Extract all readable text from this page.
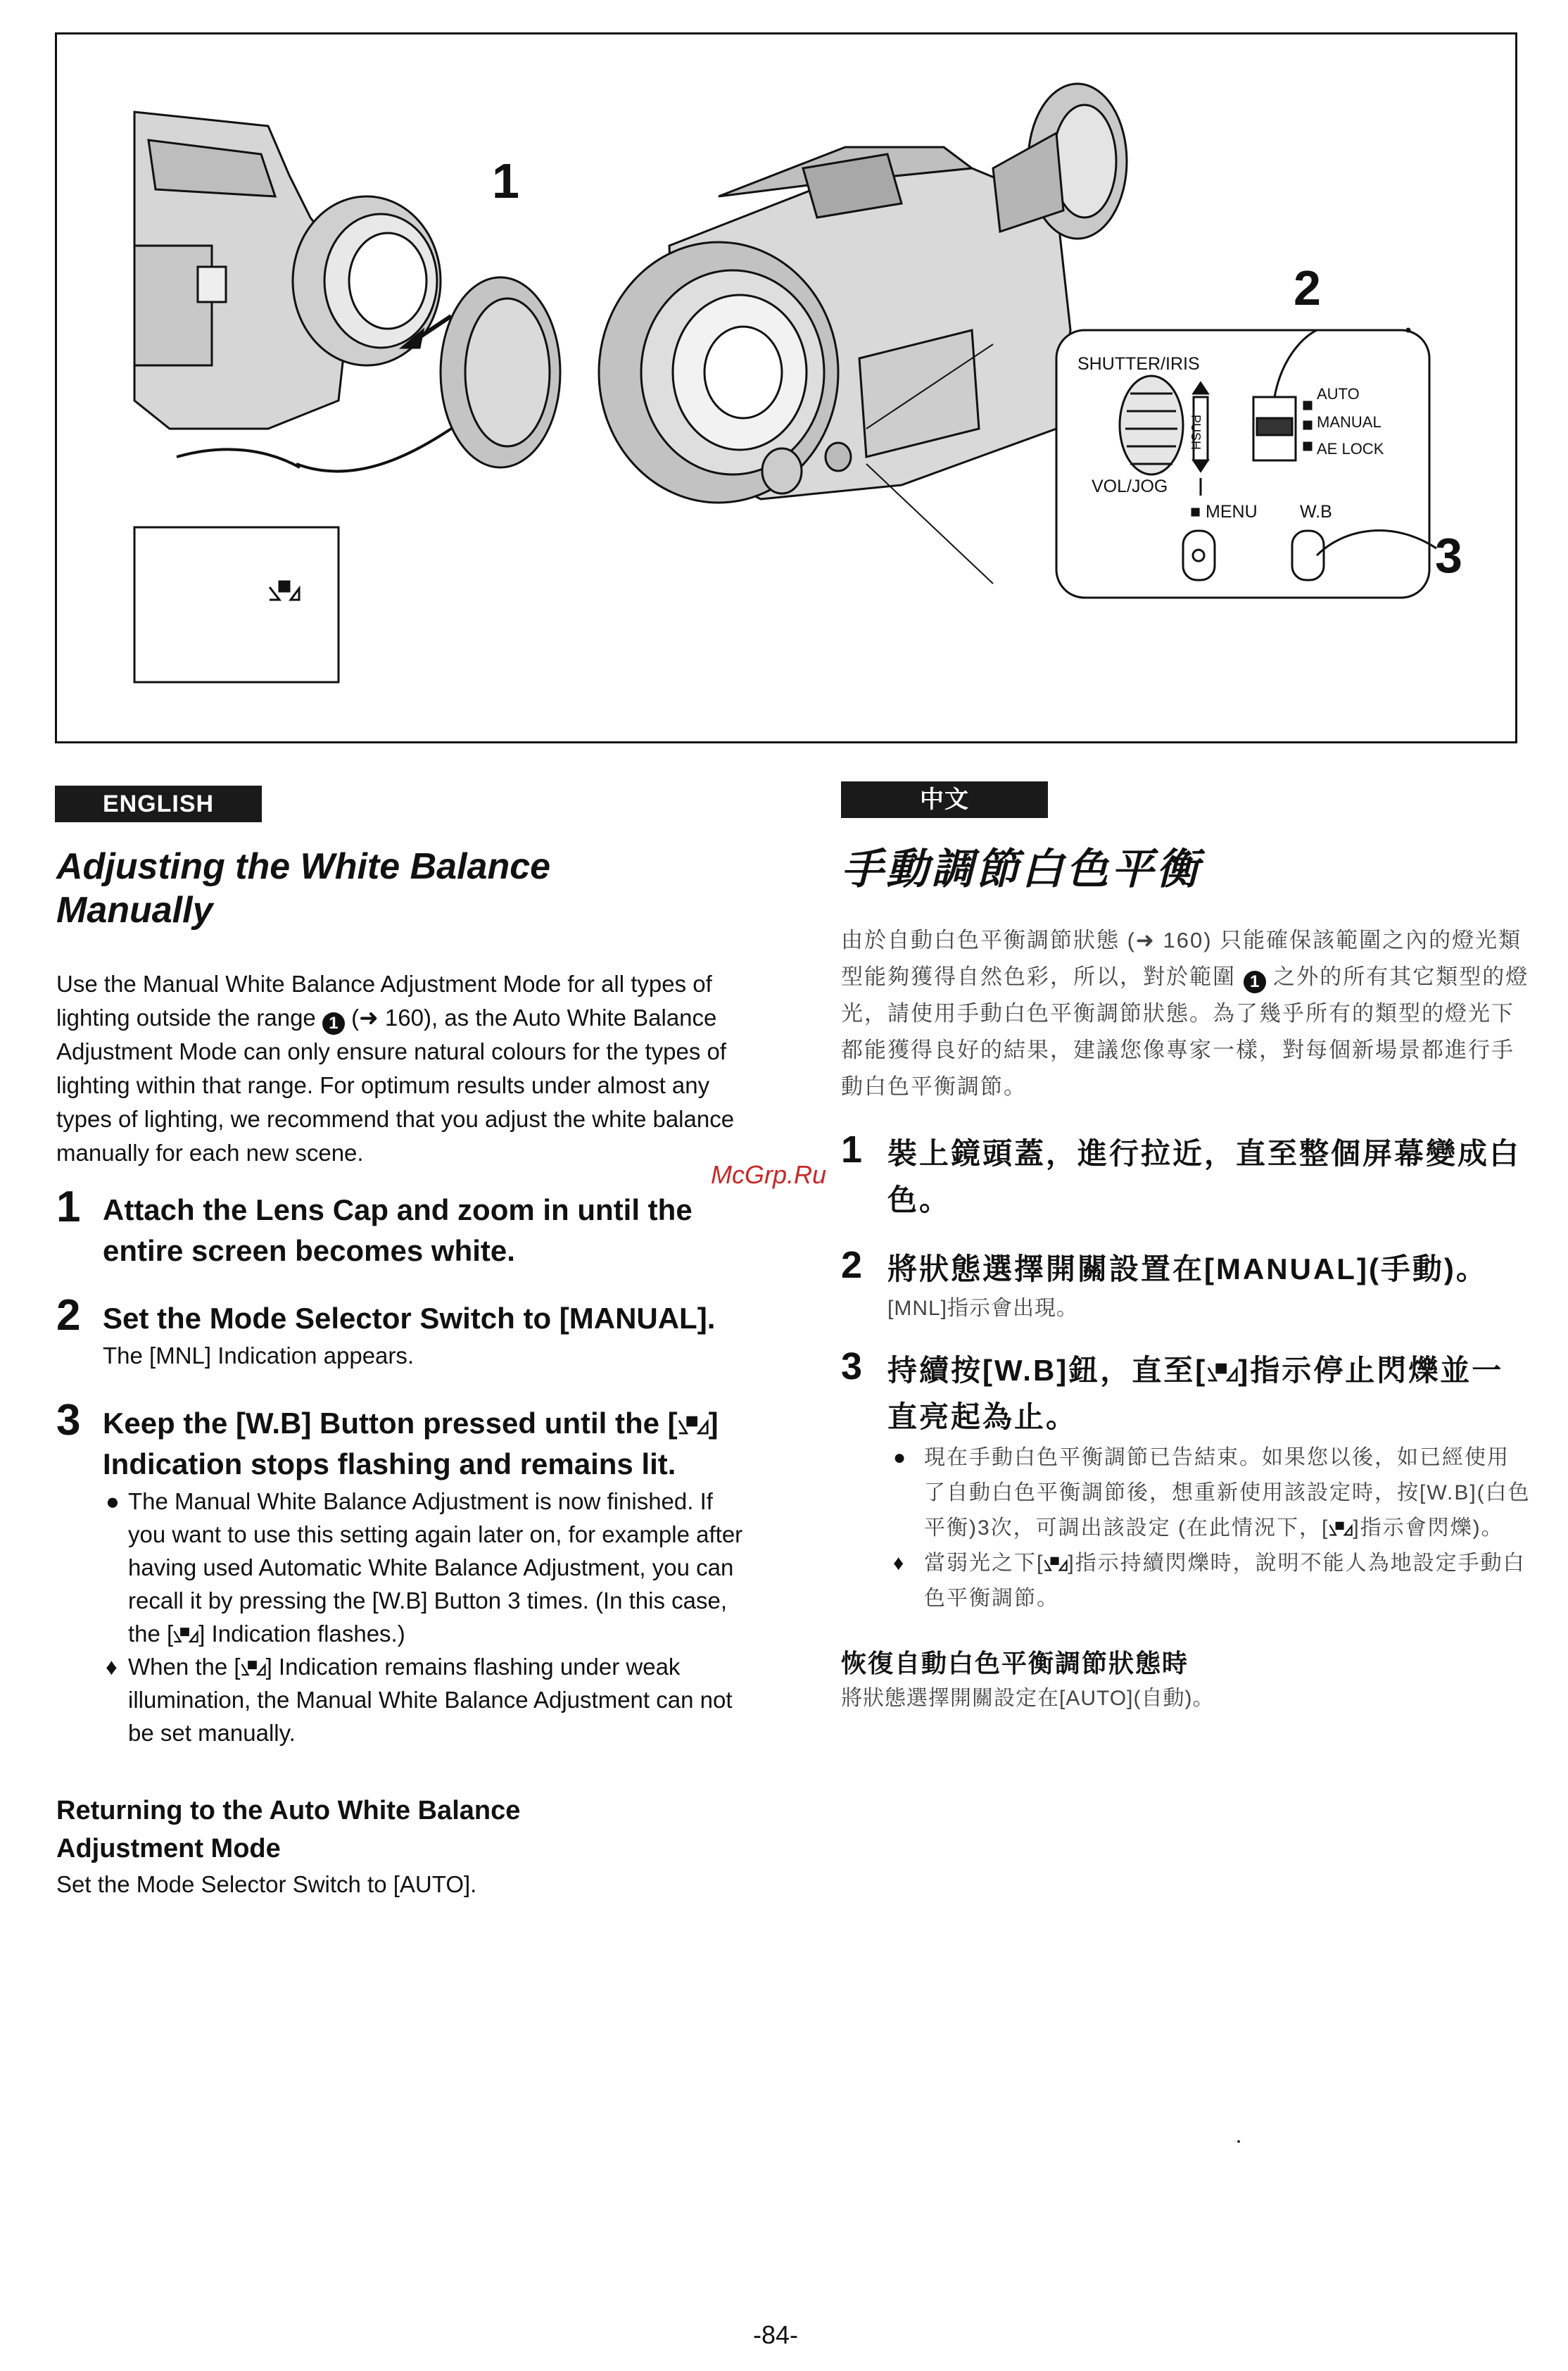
1
2
3
SHUTTER/IRIS
PUSH
VOL/JOG
■ MENU W.B
AUTO
MANUAL
AE LOCK
ENGLISH	中文
Adjusting the White Balance
Manually

Use the Manual White Balance Adjustment Mode for all types of lighting outside the range 1 (➜ 160), as the Auto White Balance Adjustment Mode can only ensure natural colours for the types of lighting within that range. For optimum results under almost any types of lighting, we recommend that you adjust the white balance manually for each new scene.

1 Attach the Lens Cap and zoom in until the entire screen becomes white.

2 Set the Mode Selector Switch to [MANUAL].

The [MNL] Indication appears.

3 Keep the [W.B] Button pressed until the [ ] Indication stops flashing and remains lit.

● The Manual White Balance Adjustment is now finished. If you want to use this setting again later on, for example after having used Automatic White Balance Adjustment, you can recall it by pressing the [W.B] Button 3 times. (In this case, the [ ] Indication flashes.)
♦ When the [ ] Indication remains flashing under weak illumination, the Manual White Balance Adjustment can not be set manually.

Returning to the Auto White Balance
Adjustment Mode

Set the Mode Selector Switch to [AUTO].

手動調節白色平衡

由於自動白色平衡調節狀態 (➜ 160) 只能確保該範圍之內的燈光類型能夠獲得自然色彩，所以，對於範圍 1 之外的所有其它類型的燈光，請使用手動白色平衡調節狀態。為了幾乎所有的類型的燈光下都能獲得良好的結果，建議您像專家一樣，對每個新場景都進行手動白色平衡調節。

1 裝上鏡頭蓋，進行拉近，直至整個屏幕變成白色。

2 將狀態選擇開關設置在[MANUAL](手動)。

[MNL]指示會出現。

3 持續按[W.B]鈕，直至[ ]指示停止閃爍並一直亮起為止。

● 現在手動白色平衡調節已告結束。如果您以後，如已經使用了自動白色平衡調節後，想重新使用該設定時，按[W.B](白色平衡)3次，可調出該設定 (在此情況下，[ ]指示會閃爍)。
♦ 當弱光之下[ ]指示持續閃爍時，說明不能人為地設定手動白色平衡調節。

恢復自動白色平衡調節狀態時

將狀態選擇開關設定在[AUTO](自動)。

McGrp.Ru
-84-
